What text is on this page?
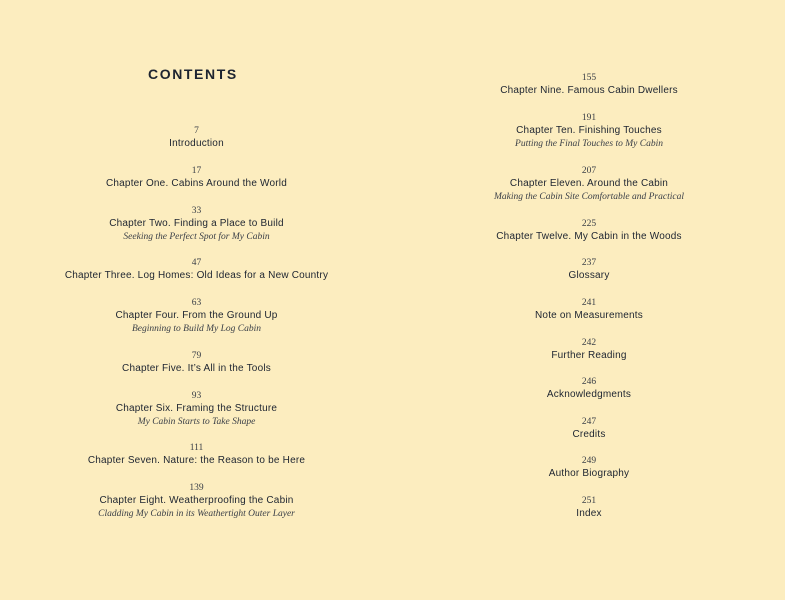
CONTENTS
7
Introduction
17
Chapter One. Cabins Around the World
33
Chapter Two. Finding a Place to Build
Seeking the Perfect Spot for My Cabin
47
Chapter Three. Log Homes: Old Ideas for a New Country
63
Chapter Four. From the Ground Up
Beginning to Build My Log Cabin
79
Chapter Five. It’s All in the Tools
93
Chapter Six. Framing the Structure
My Cabin Starts to Take Shape
111
Chapter Seven. Nature: the Reason to be Here
139
Chapter Eight. Weatherproofing the Cabin
Cladding My Cabin in its Weathertight Outer Layer
155
Chapter Nine. Famous Cabin Dwellers
191
Chapter Ten. Finishing Touches
Putting the Final Touches to My Cabin
207
Chapter Eleven. Around the Cabin
Making the Cabin Site Comfortable and Practical
225
Chapter Twelve. My Cabin in the Woods
237
Glossary
241
Note on Measurements
242
Further Reading
246
Acknowledgments
247
Credits
249
Author Biography
251
Index
